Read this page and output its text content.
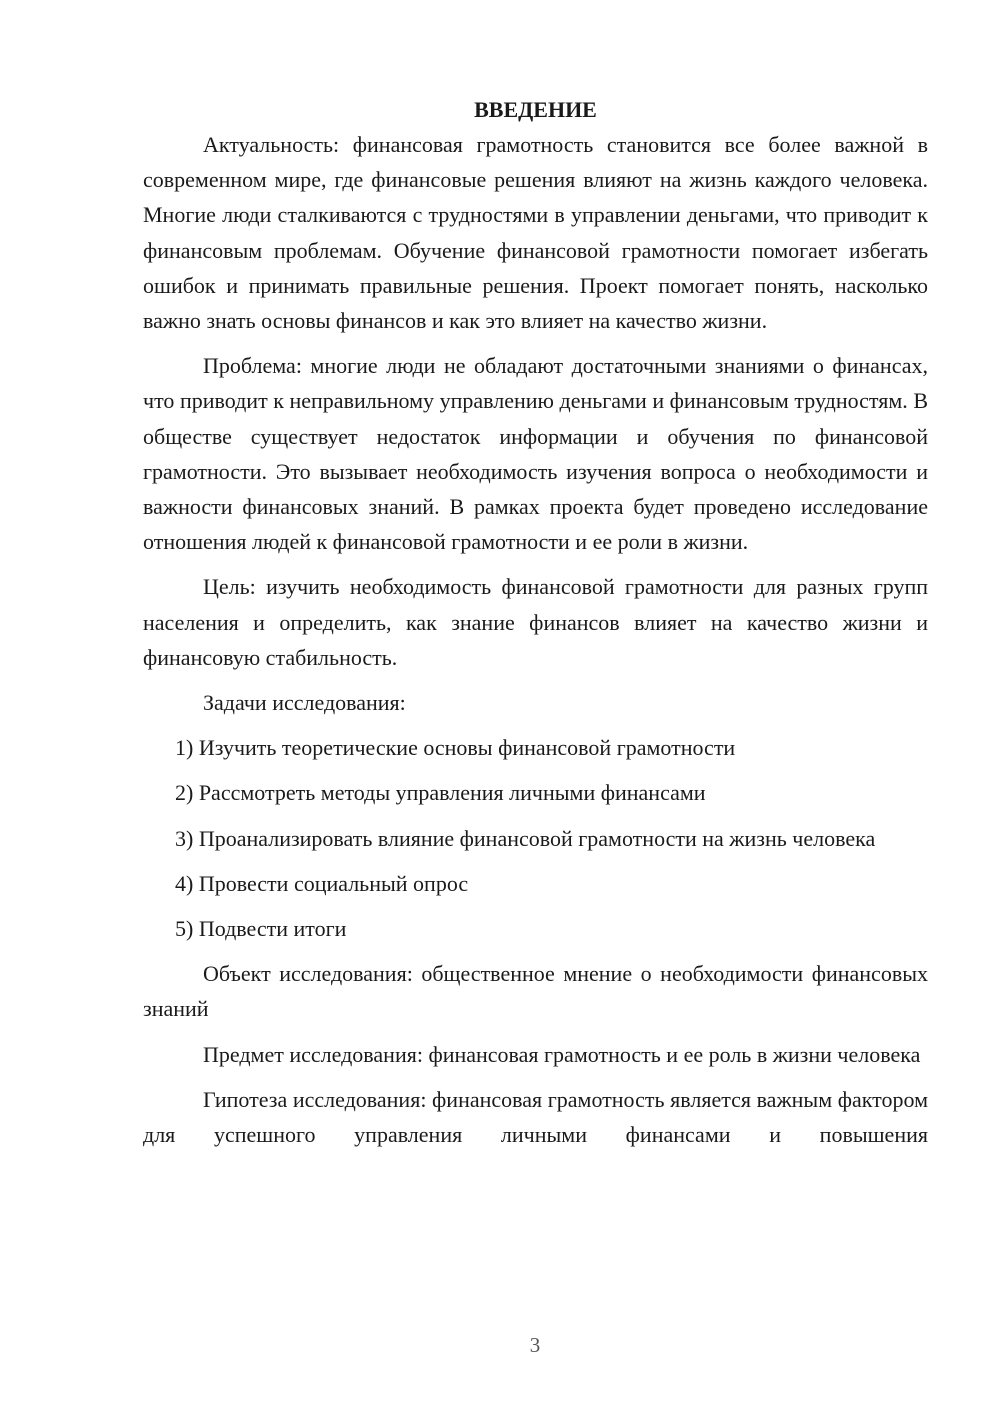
ВВЕДЕНИЕ

Актуальность: финансовая грамотность становится все более важной в современном мире, где финансовые решения влияют на жизнь каждого человека. Многие люди сталкиваются с трудностями в управлении деньгами, что приводит к финансовым проблемам. Обучение финансовой грамотности помогает избегать ошибок и принимать правильные решения. Проект помогает понять, насколько важно знать основы финансов и как это влияет на качество жизни.

Проблема: многие люди не обладают достаточными знаниями о финансах, что приводит к неправильному управлению деньгами и финансовым трудностям. В обществе существует недостаток информации и обучения по финансовой грамотности. Это вызывает необходимость изучения вопроса о необходимости и важности финансовых знаний. В рамках проекта будет проведено исследование отношения людей к финансовой грамотности и ее роли в жизни.

Цель: изучить необходимость финансовой грамотности для разных групп населения и определить, как знание финансов влияет на качество жизни и финансовую стабильность.

Задачи исследования:

1) Изучить теоретические основы финансовой грамотности

2) Рассмотреть методы управления личными финансами

3) Проанализировать влияние финансовой грамотности на жизнь человека

4) Провести социальный опрос

5) Подвести итоги

Объект исследования: общественное мнение о необходимости финансовых знаний

Предмет исследования: финансовая грамотность и ее роль в жизни человека

Гипотеза исследования: финансовая грамотность является важным фактором для успешного управления личными финансами и повышения

3
